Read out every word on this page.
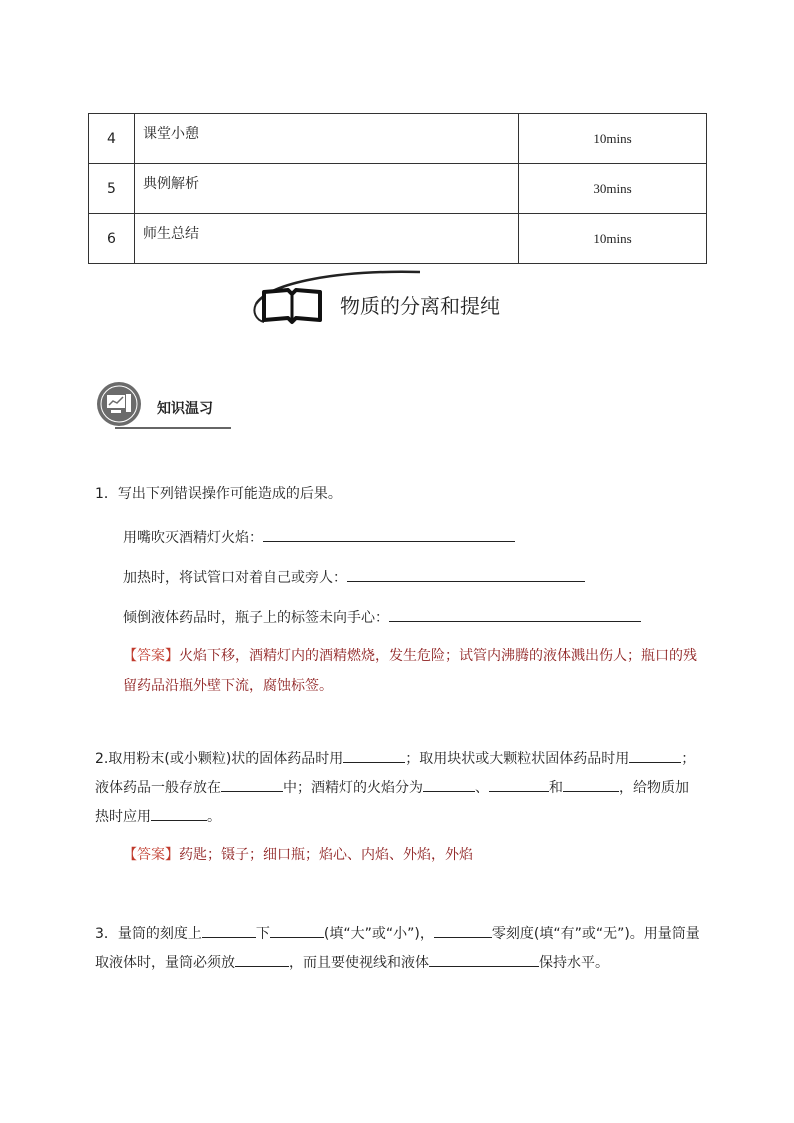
4	课堂小憩	10mins
5	典例解析	30mins
6	师生总结	10mins
物质的分离和提纯
知识温习
1．写出下列错误操作可能造成的后果。
用嘴吹灭酒精灯火焰：
加热时，将试管口对着自己或旁人：
倾倒液体药品时，瓶子上的标签未向手心：
【答案】火焰下移，酒精灯内的酒精燃烧，发生危险；试管内沸腾的液体溅出伤人；瓶口的残留药品沿瓶外壁下流，腐蚀标签。
2.取用粉末(或小颗粒)状的固体药品时用	；取用块状或大颗粒状固体药品时用	；液体药品一般存放在	中；酒精灯的火焰分为	、	和	，给物质加热时应用	。
【答案】药匙；镊子；细口瓶；焰心、内焰、外焰，外焰
3．量筒的刻度上	下	(填“大”或“小”)，	零刻度(填“有”或“无”)。用量筒量取液体时，量筒必须放	，而且要使视线和液体	保持水平。
